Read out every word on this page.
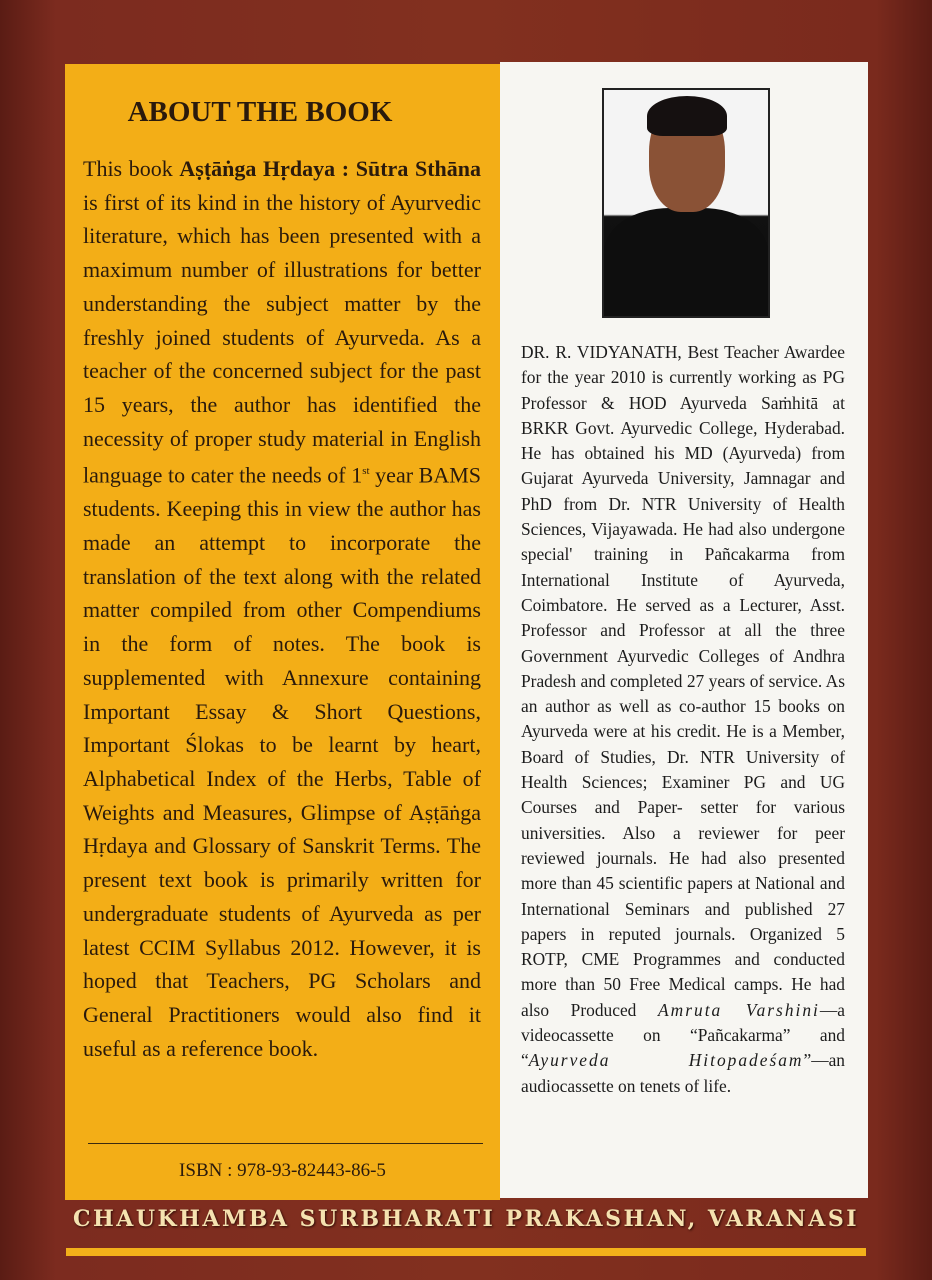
ABOUT THE BOOK

This book Aṣṭāṅga Hṛdaya : Sūtra Sthāna is first of its kind in the history of Ayurvedic literature, which has been presented with a maximum number of illustrations for better understanding the subject matter by the freshly joined students of Ayurveda. As a teacher of the concerned subject for the past 15 years, the author has identified the necessity of proper study material in English language to cater the needs of 1st year BAMS students. Keeping this in view the author has made an attempt to incorporate the translation of the text along with the related matter compiled from other Compendiums in the form of notes. The book is supplemented with Annexure containing Important Essay & Short Questions, Important Ślokas to be learnt by heart, Alphabetical Index of the Herbs, Table of Weights and Measures, Glimpse of Aṣṭāṅga Hṛdaya and Glossary of Sanskrit Terms. The present text book is primarily written for undergraduate students of Ayurveda as per latest CCIM Syllabus 2012. However, it is hoped that Teachers, PG Scholars and General Practitioners would also find it useful as a reference book.

ISBN : 978-93-82443-86-5

DR. R. VIDYANATH, Best Teacher Awardee for the year 2010 is currently working as PG Professor & HOD Ayurveda Saṁhitā at BRKR Govt. Ayurvedic College, Hyderabad. He has obtained his MD (Ayurveda) from Gujarat Ayurveda University, Jamnagar and PhD from Dr. NTR University of Health Sciences, Vijayawada. He had also undergone special' training in Pañcakarma from International Institute of Ayurveda, Coimbatore. He served as a Lecturer, Asst. Professor and Professor at all the three Government Ayurvedic Colleges of Andhra Pradesh and completed 27 years of service. As an author as well as co-author 15 books on Ayurveda were at his credit. He is a Member, Board of Studies, Dr. NTR University of Health Sciences; Examiner PG and UG Courses and Paper- setter for various universities. Also a reviewer for peer reviewed journals. He had also presented more than 45 scientific papers at National and International Seminars and published 27 papers in reputed journals. Organized 5 ROTP, CME Programmes and conducted more than 50 Free Medical camps. He had also Produced Amruta Varshini—a videocassette on “Pañcakarma” and “Ayurveda Hitopadeśam”—an audiocassette on tenets of life.

CHAUKHAMBA SURBHARATI PRAKASHAN, VARANASI
